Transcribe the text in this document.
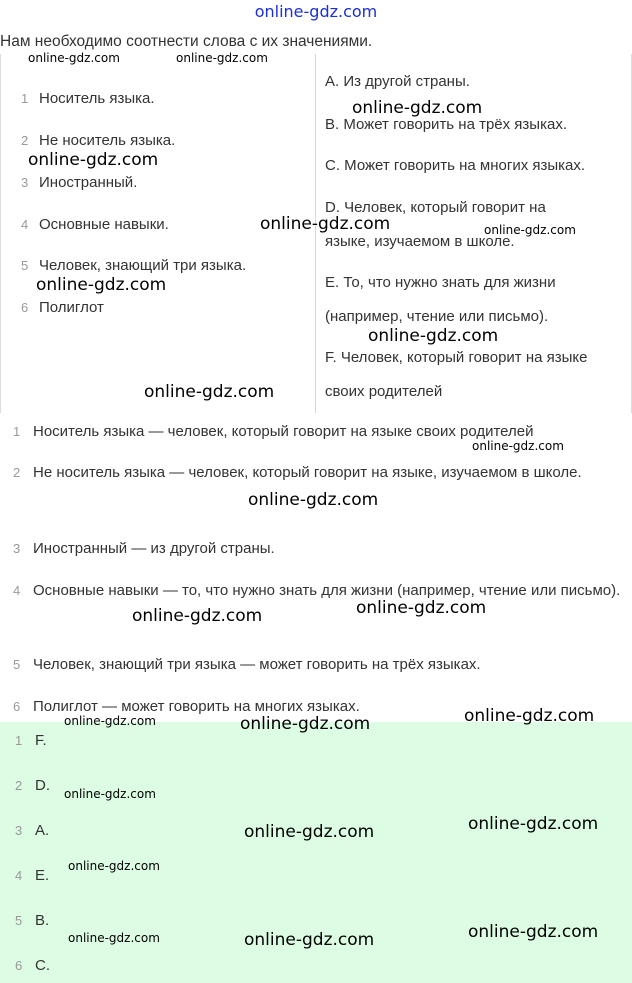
online-gdz.com
Нам необходимо соотнести слова с их значениями.
1 Носитель языка.
2 Не носитель языка.
3 Иностранный.
4 Основные навыки.
5 Человек, знающий три языка.
6 Полиглот
A. Из другой страны.
B. Может говорить на трёх языках.
C. Может говорить на многих языках.
D. Человек, который говорит на
языке, изучаемом в школе.
E. То, что нужно знать для жизни
(например, чтение или письмо).
F. Человек, который говорит на языке
своих родителей
1 Носитель языка — человек, который говорит на языке своих родителей
2 Не носитель языка — человек, который говорит на языке, изучаемом в школе.
3 Иностранный — из другой страны.
4 Основные навыки — то, что нужно знать для жизни (например, чтение или письмо).
5 Человек, знающий три языка — может говорить на трёх языках.
6 Полиглот — может говорить на многих языках.
1 F.
2 D.
3 A.
4 E.
5 B.
6 C.
online-gdz.com	online-gdz.com
online-gdz.com
online-gdz.com
online-gdz.com	online-gdz.com
online-gdz.com
online-gdz.com
online-gdz.com
online-gdz.com
online-gdz.com
online-gdz.com
online-gdz.com
online-gdz.com	online-gdz.com	online-gdz.com
online-gdz.com
online-gdz.com	online-gdz.com
online-gdz.com
online-gdz.com	online-gdz.com	online-gdz.com
